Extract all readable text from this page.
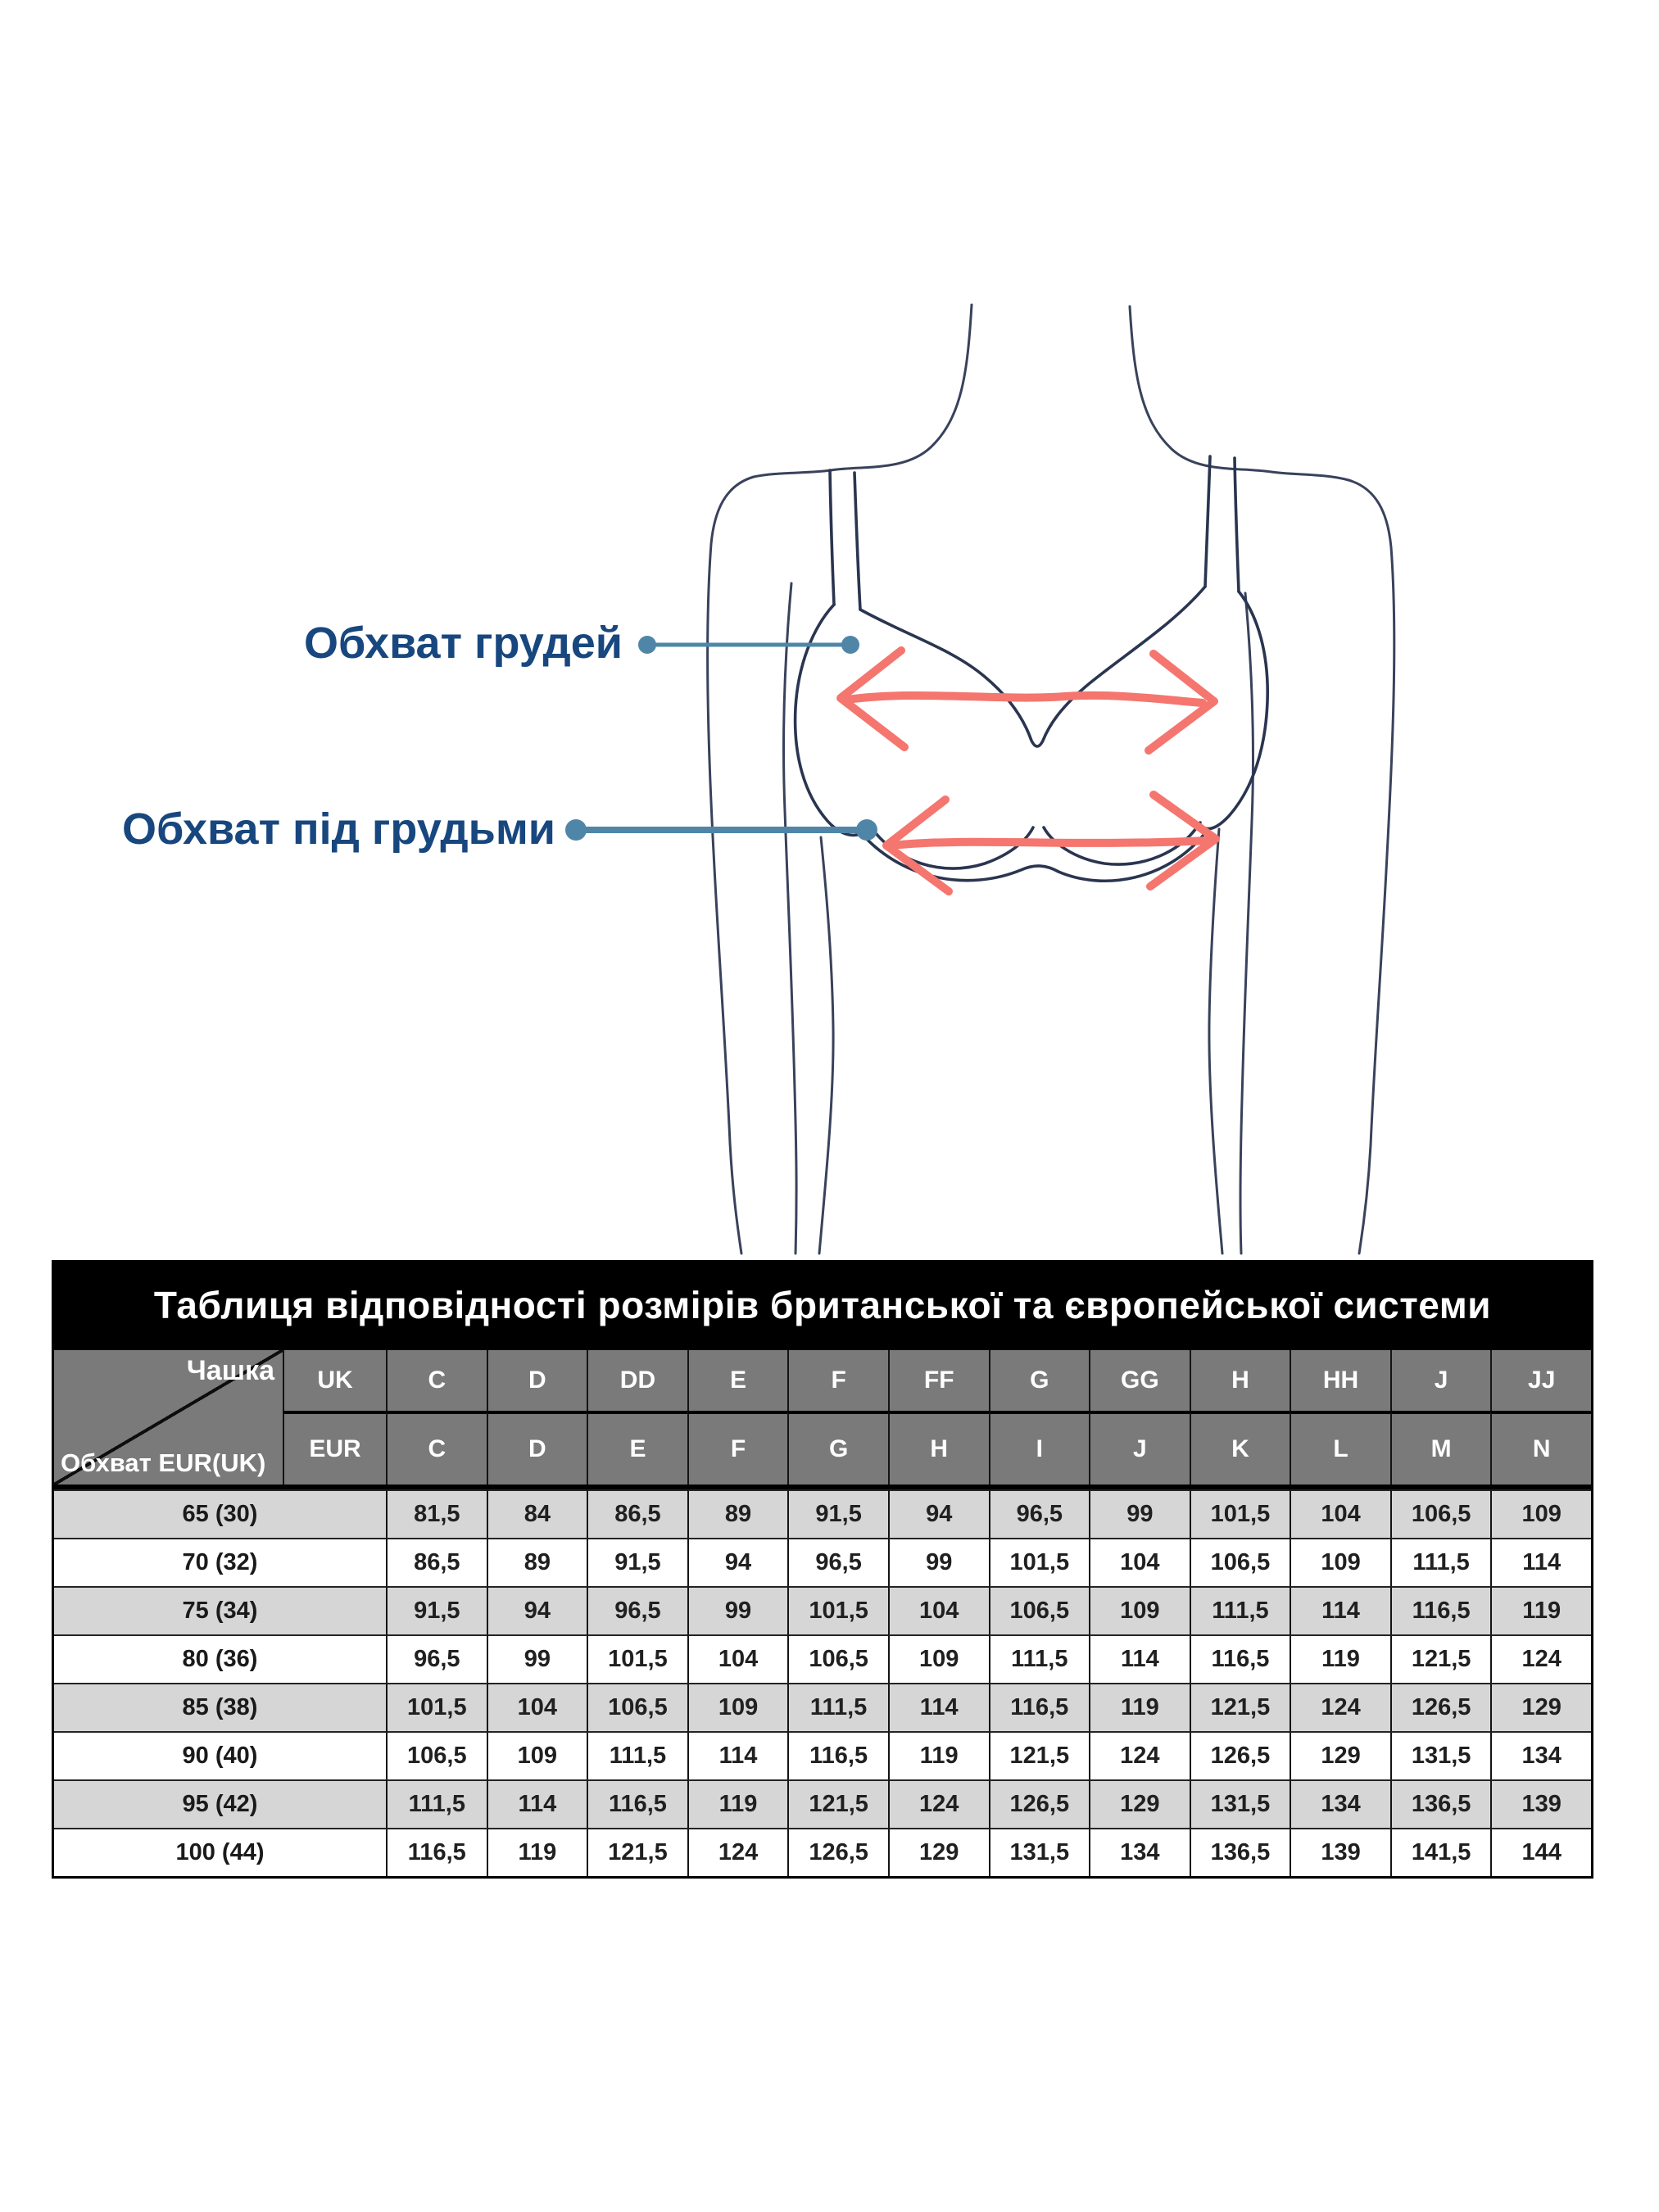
Обхват грудей
Обхват під грудьми
Таблиця відповідності розмірів британської та європейської системи
Чашка
Обхват EUR(UK)
UK	C	D	DD	E	F	FF	G	GG	H	HH	J	JJ
EUR	C	D	E	F	G	H	I	J	K	L	M	N
65 (30)	81,5	84	86,5	89	91,5	94	96,5	99	101,5	104	106,5	109
70 (32)	86,5	89	91,5	94	96,5	99	101,5	104	106,5	109	111,5	114
75 (34)	91,5	94	96,5	99	101,5	104	106,5	109	111,5	114	116,5	119
80 (36)	96,5	99	101,5	104	106,5	109	111,5	114	116,5	119	121,5	124
85 (38)	101,5	104	106,5	109	111,5	114	116,5	119	121,5	124	126,5	129
90 (40)	106,5	109	111,5	114	116,5	119	121,5	124	126,5	129	131,5	134
95 (42)	111,5	114	116,5	119	121,5	124	126,5	129	131,5	134	136,5	139
100 (44)	116,5	119	121,5	124	126,5	129	131,5	134	136,5	139	141,5	144
